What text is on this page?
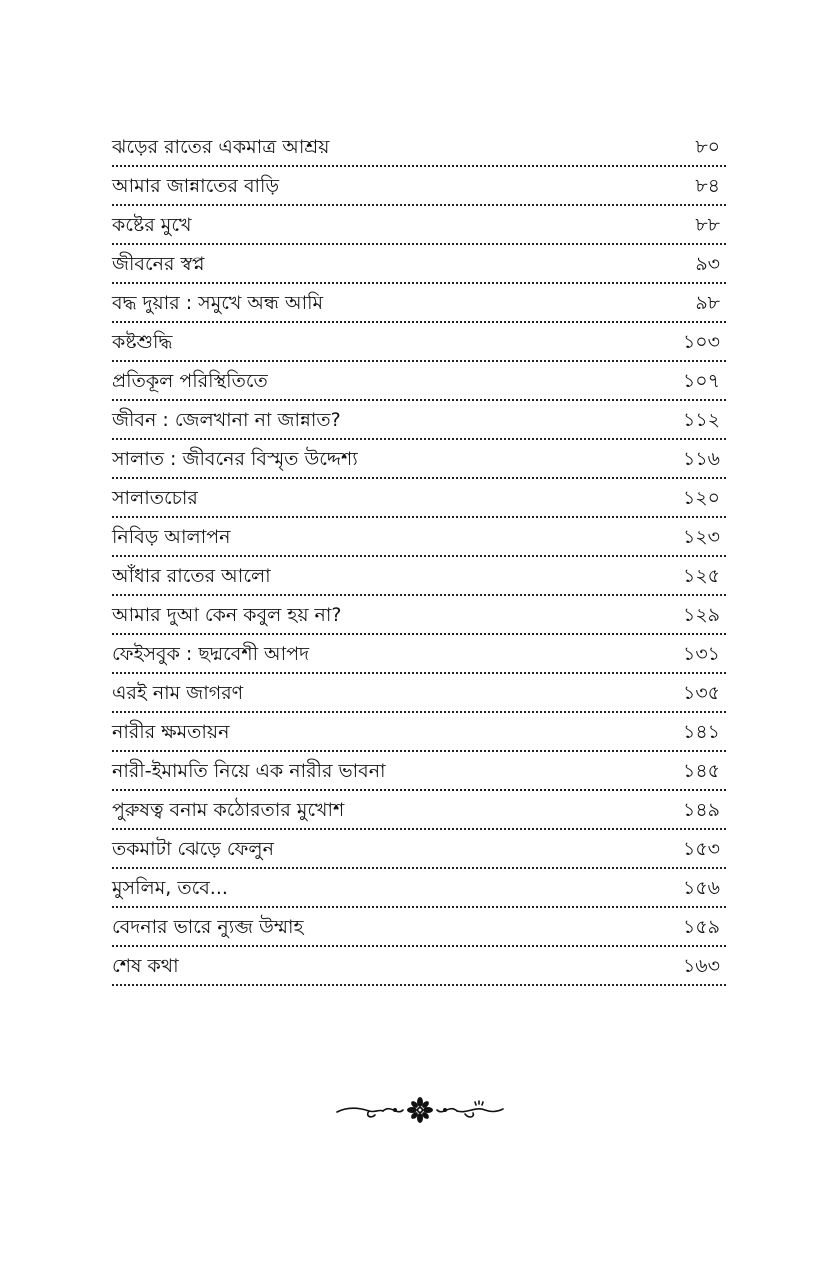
ঝড়ের রাতের একমাত্র আশ্রয়	৮০
আমার জান্নাতের বাড়ি	৮৪
কষ্টের মুখে	৮৮
জীবনের স্বপ্ন	৯৩
বদ্ধ দুয়ার : সমুখে অন্ধ আমি	৯৮
কষ্টশুদ্ধি	১০৩
প্রতিকূল পরিস্থিতিতে	১০৭
জীবন : জেলখানা না জান্নাত?	১১২
সালাত : জীবনের বিস্মৃত উদ্দেশ্য	১১৬
সালাতচোর	১২০
নিবিড় আলাপন	১২৩
আঁধার রাতের আলো	১২৫
আমার দুআ কেন কবুল হয় না?	১২৯
ফেইসবুক : ছদ্মবেশী আপদ	১৩১
এরই নাম জাগরণ	১৩৫
নারীর ক্ষমতায়ন	১৪১
নারী-ইমামতি নিয়ে এক নারীর ভাবনা	১৪৫
পুরুষত্ব বনাম কঠোরতার মুখোশ	১৪৯
তকমাটা ঝেড়ে ফেলুন	১৫৩
মুসলিম, তবে...	১৫৬
বেদনার ভারে ন্যুব্জ উম্মাহ	১৫৯
শেষ কথা	১৬৩
